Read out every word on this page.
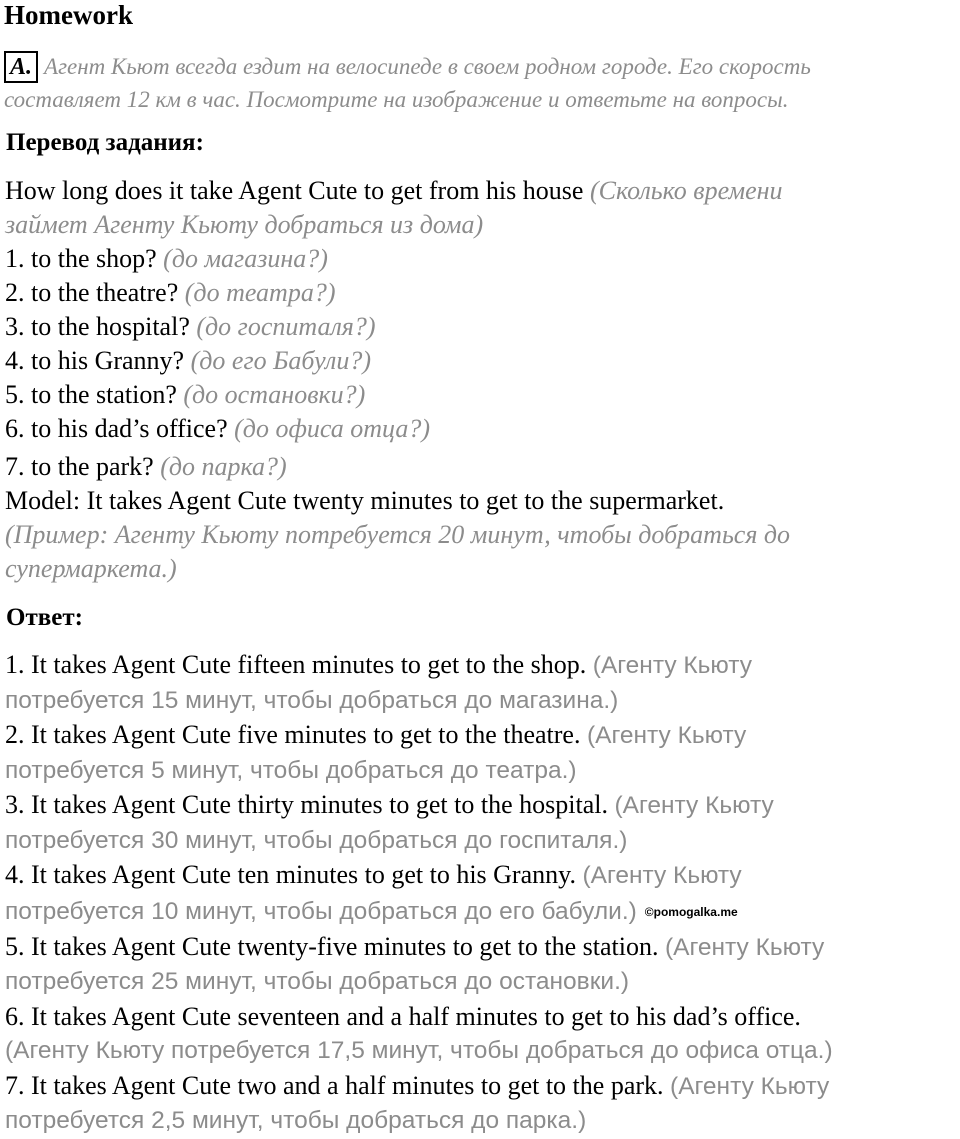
Homework
A. Агент Кьют всегда ездит на велосипеде в своем родном городе. Его скорость
составляет 12 км в час. Посмотрите на изображение и ответьте на вопросы.
Перевод задания:
How long does it take Agent Cute to get from his house (Сколько времени
займет Агенту Кьюту добраться из дома)
1. to the shop? (до магазина?)
2. to the theatre? (до театра?)
3. to the hospital? (до госпиталя?)
4. to his Granny? (до его Бабули?)
5. to the station? (до остановки?)
6. to his dad’s office? (до офиса отца?)
7. to the park? (до парка?)
Model: It takes Agent Cute twenty minutes to get to the supermarket.
(Пример: Агенту Кьюту потребуется 20 минут, чтобы добраться до
супермаркета.)
Ответ:
1. It takes Agent Cute fifteen minutes to get to the shop. (Агенту Кьюту
потребуется 15 минут, чтобы добраться до магазина.)
2. It takes Agent Cute five minutes to get to the theatre. (Агенту Кьюту
потребуется 5 минут, чтобы добраться до театра.)
3. It takes Agent Cute thirty minutes to get to the hospital. (Агенту Кьюту
потребуется 30 минут, чтобы добраться до госпиталя.)
4. It takes Agent Cute ten minutes to get to his Granny. (Агенту Кьюту
потребуется 10 минут, чтобы добраться до его бабули.) ©pomogalka.me
5. It takes Agent Cute twenty-five minutes to get to the station. (Агенту Кьюту
потребуется 25 минут, чтобы добраться до остановки.)
6. It takes Agent Cute seventeen and a half minutes to get to his dad’s office.
(Агенту Кьюту потребуется 17,5 минут, чтобы добраться до офиса отца.)
7. It takes Agent Cute two and a half minutes to get to the park. (Агенту Кьюту
потребуется 2,5 минут, чтобы добраться до парка.)
